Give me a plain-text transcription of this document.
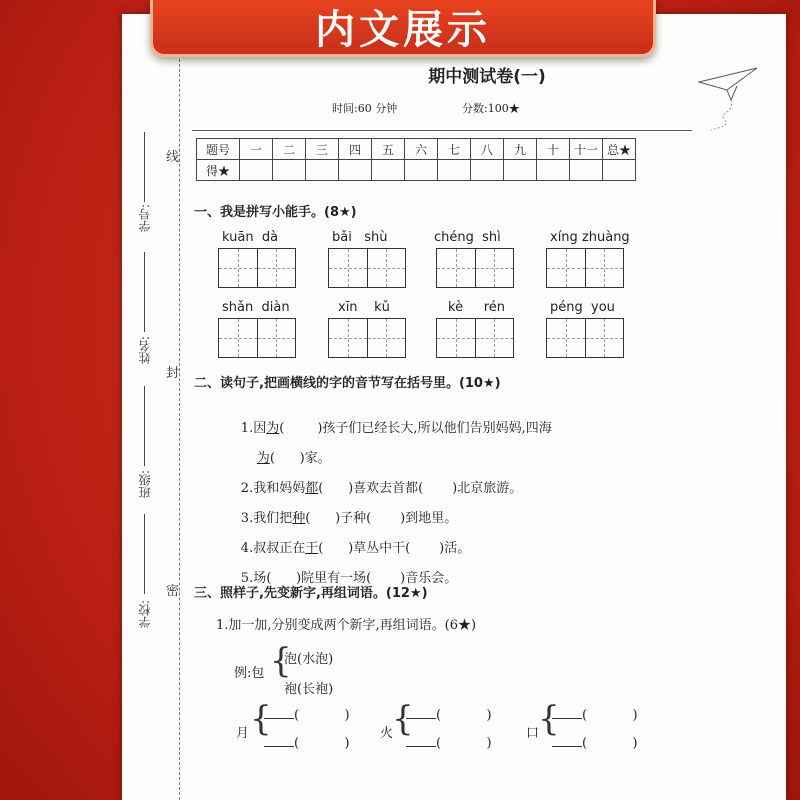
线
封
密
学号:
姓名:
班级:
学校:
期中测试卷(一)
时间:60 分钟	分数:100★
题号	一	二	三	四	五	六	七	八	九	十	十一	总★
得★												
一、我是拼写小能手。(8★)
kuān  dà	bǎi   shù	chéng  shì	xíng zhuàng
shǎn  diàn	xīn    kǔ	kè     rén	péng  you
二、读句子,把画横线的字的音节写在括号里。(10★)

1.因为(        )孩子们已经长大,所以他们告别妈妈,四海

为(      )家。

2.我和妈妈都(      )喜欢去首都(       )北京旅游。

3.我们把种(      )子种(       )到地里。

4.叔叔正在干(      )草丛中干(       )活。

5.场(      )院里有一场(       )音乐会。

三、照样子,先变新字,再组词语。(12★)
1.加一加,分别变成两个新字,再组词语。(6★)
例:包 {
泡(水泡)
袍(长袍)
月 {	(           )
(           )
火
{	(           )
(           )
口
{	(           )
(           )
内文展示
